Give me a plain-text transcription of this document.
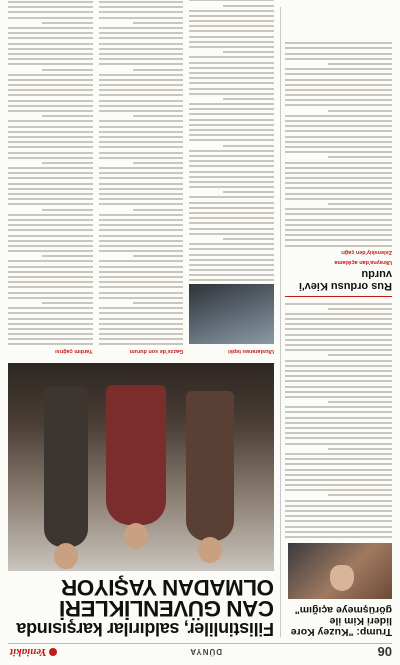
06
DÜNYA
Yeniakit
Trump: "Kuzey Kore lideri Kim ile görüşmeye açığım"
Rus ordusu Kiev'i vurdu
Ukrayna'dan açıklama
Zelenskiy'den çağrı
Filistinliler, saldırılar karşısında
CAN GÜVENLİKLERİ OLMADAN YAŞIYOR
Uluslararası tepki
Gazze'de son durum
Yardım çağrısı
